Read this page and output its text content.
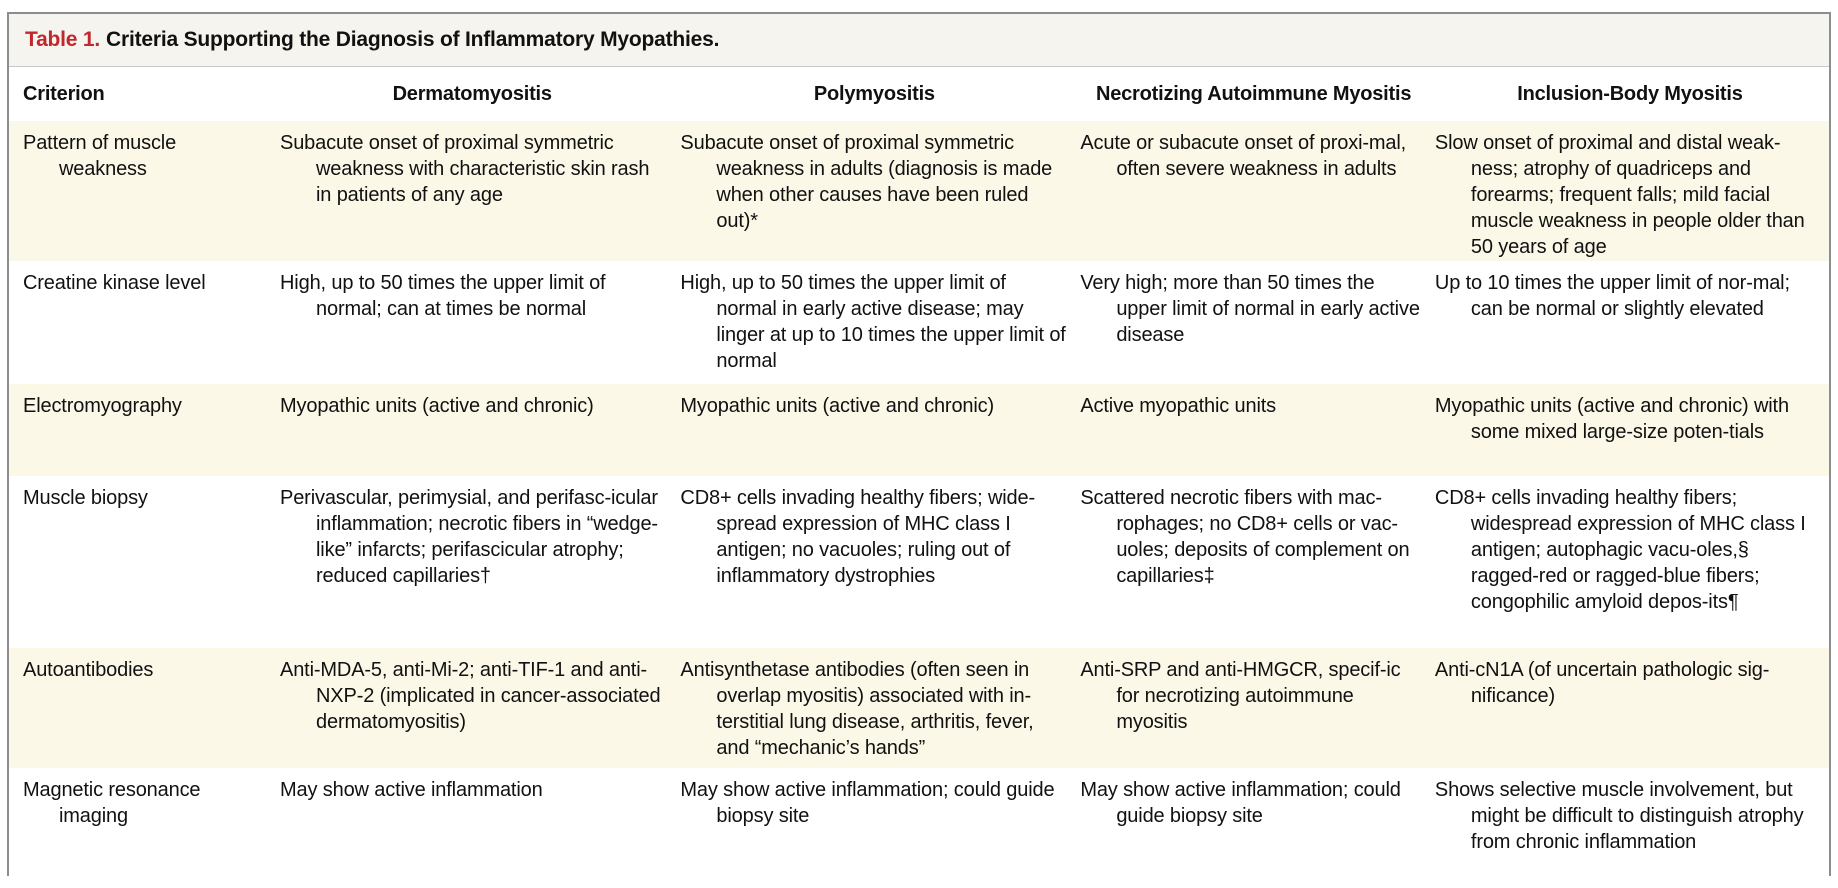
Table 1. Criteria Supporting the Diagnosis of Inflammatory Myopathies.
Criterion	Dermatomyositis	Polymyositis	Necrotizing Autoimmune Myositis	Inclusion-Body Myositis

Pattern of muscle weakness	Subacute onset of proximal symmetric weakness with characteristic skin rash in patients of any age	Subacute onset of proximal symmetric weakness in adults (diagnosis is made when other causes have been ruled out)*	Acute or subacute onset of proxi-mal, often severe weakness in adults	Slow onset of proximal and distal weak-ness; atrophy of quadriceps and forearms; frequent falls; mild facial muscle weakness in people older than 50 years of age

Creatine kinase level	High, up to 50 times the upper limit of normal; can at times be normal	High, up to 50 times the upper limit of normal in early active disease; may linger at up to 10 times the upper limit of normal	Very high; more than 50 times the upper limit of normal in early active disease	Up to 10 times the upper limit of nor-mal; can be normal or slightly elevated

Electromyography	Myopathic units (active and chronic)	Myopathic units (active and chronic)	Active myopathic units	Myopathic units (active and chronic) with some mixed large-size poten-tials

Muscle biopsy	Perivascular, perimysial, and perifasc-icular inflammation; necrotic fibers in “wedge-like” infarcts; perifascicular atrophy; reduced capillaries†	CD8+ cells invading healthy fibers; wide-spread expression of MHC class I antigen; no vacuoles; ruling out of inflammatory dystrophies	Scattered necrotic fibers with mac-rophages; no CD8+ cells or vac-uoles; deposits of complement on capillaries‡	CD8+ cells invading healthy fibers; widespread expression of MHC class I antigen; autophagic vacu-oles,§ ragged-red or ragged-blue fibers; congophilic amyloid depos-its¶

Autoantibodies	Anti-MDA-5, anti-Mi-2; anti-TIF-1 and anti-NXP-2 (implicated in cancer-associated dermatomyositis)	Antisynthetase antibodies (often seen in overlap myositis) associated with in-terstitial lung disease, arthritis, fever, and “mechanic’s hands”	Anti-SRP and anti-HMGCR, specif-ic for necrotizing autoimmune myositis	Anti-cN1A (of uncertain pathologic sig-nificance)

Magnetic resonance imaging	May show active inflammation	May show active inflammation; could guide biopsy site	May show active inflammation; could guide biopsy site	Shows selective muscle involvement, but might be difficult to distinguish atrophy from chronic inflammation
